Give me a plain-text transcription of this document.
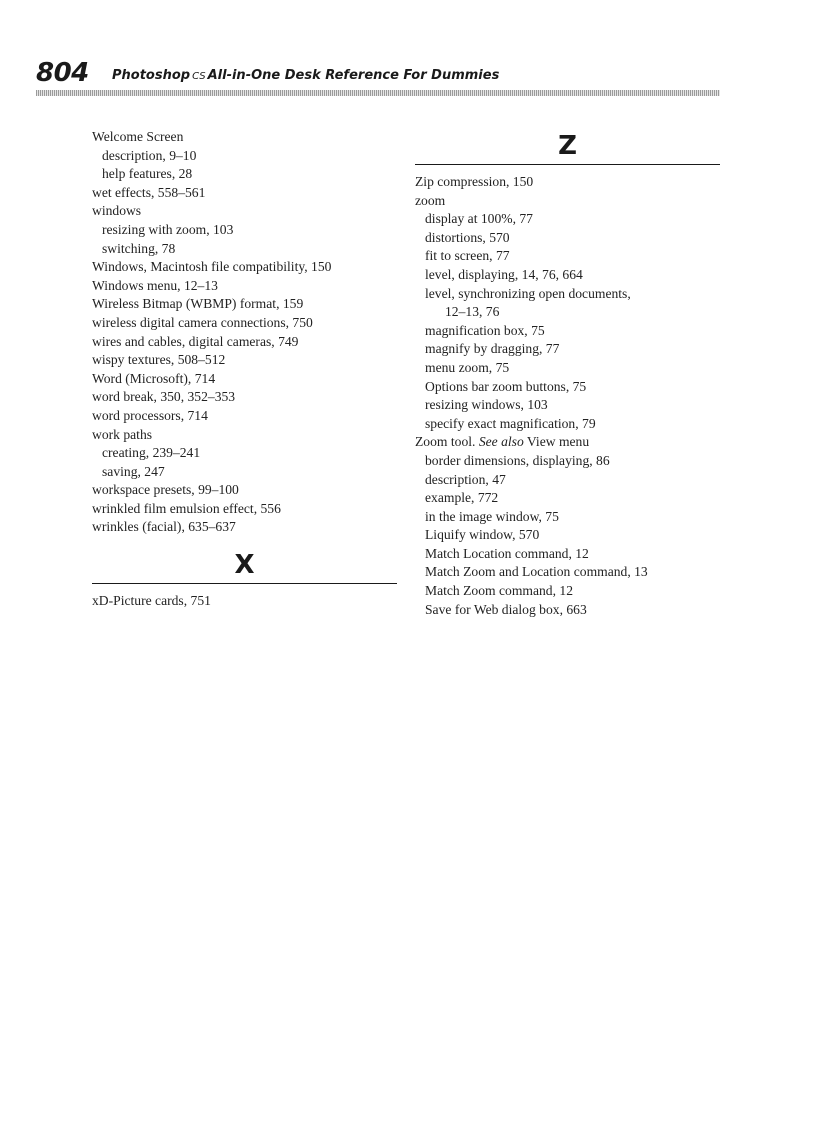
804 Photoshop CS All-in-One Desk Reference For Dummies
Welcome Screen
description, 9–10
help features, 28
wet effects, 558–561
windows
resizing with zoom, 103
switching, 78
Windows, Macintosh file compatibility, 150
Windows menu, 12–13
Wireless Bitmap (WBMP) format, 159
wireless digital camera connections, 750
wires and cables, digital cameras, 749
wispy textures, 508–512
Word (Microsoft), 714
word break, 350, 352–353
word processors, 714
work paths
creating, 239–241
saving, 247
workspace presets, 99–100
wrinkled film emulsion effect, 556
wrinkles (facial), 635–637
X
xD-Picture cards, 751
Z
Zip compression, 150
zoom
display at 100%, 77
distortions, 570
fit to screen, 77
level, displaying, 14, 76, 664
level, synchronizing open documents,
12–13, 76
magnification box, 75
magnify by dragging, 77
menu zoom, 75
Options bar zoom buttons, 75
resizing windows, 103
specify exact magnification, 79
Zoom tool. See also View menu
border dimensions, displaying, 86
description, 47
example, 772
in the image window, 75
Liquify window, 570
Match Location command, 12
Match Zoom and Location command, 13
Match Zoom command, 12
Save for Web dialog box, 663
